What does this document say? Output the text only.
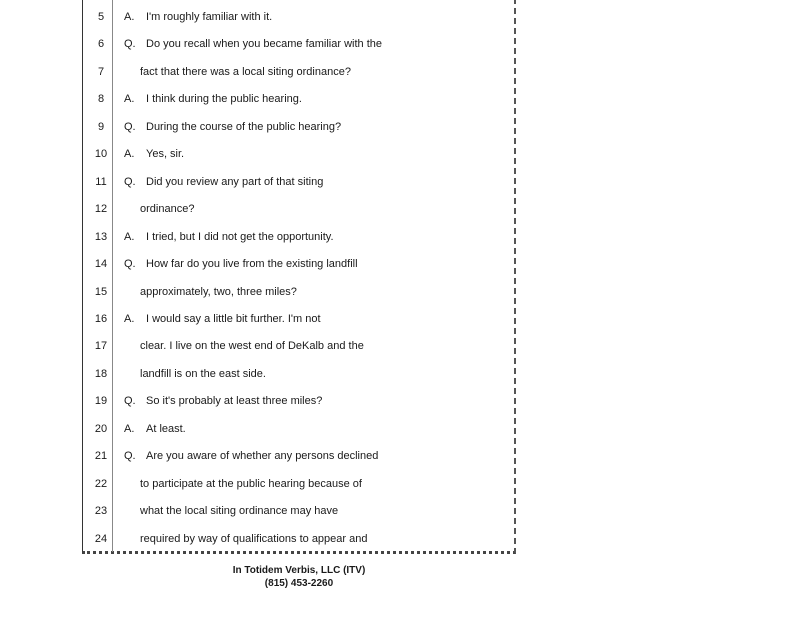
5	A. I'm roughly familiar with it.
6	Q. Do you recall when you became familiar with the
7	fact that there was a local siting ordinance?
8	A. I think during the public hearing.
9	Q. During the course of the public hearing?
10	A. Yes, sir.
11	Q. Did you review any part of that siting
12	ordinance?
13	A. I tried, but I did not get the opportunity.
14	Q. How far do you live from the existing landfill
15	approximately, two, three miles?
16	A. I would say a little bit further. I'm not
17	clear. I live on the west end of DeKalb and the
18	landfill is on the east side.
19	Q. So it's probably at least three miles?
20	A. At least.
21	Q. Are you aware of whether any persons declined
22	to participate at the public hearing because of
23	what the local siting ordinance may have
24	required by way of qualifications to appear and
In Totidem Verbis, LLC (ITV)
(815) 453-2260
